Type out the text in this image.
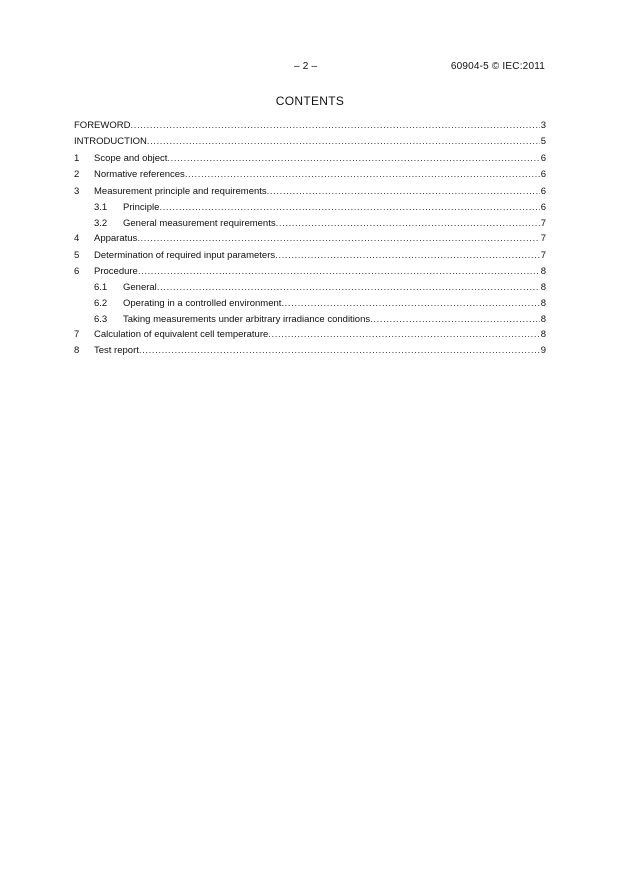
– 2 –	60904-5 © IEC:2011
CONTENTS
FOREWORD .....	3
INTRODUCTION .....	5
1	Scope and object .....	6
2	Normative references .....	6
3	Measurement principle and requirements .....	6
3.1	Principle .....	6
3.2	General measurement requirements .....	7
4	Apparatus .....	7
5	Determination of required input parameters .....	7
6	Procedure .....	8
6.1	General .....	8
6.2	Operating in a controlled environment .....	8
6.3	Taking measurements under arbitrary irradiance conditions .....	8
7	Calculation of equivalent cell temperature .....	8
8	Test report .....	9
